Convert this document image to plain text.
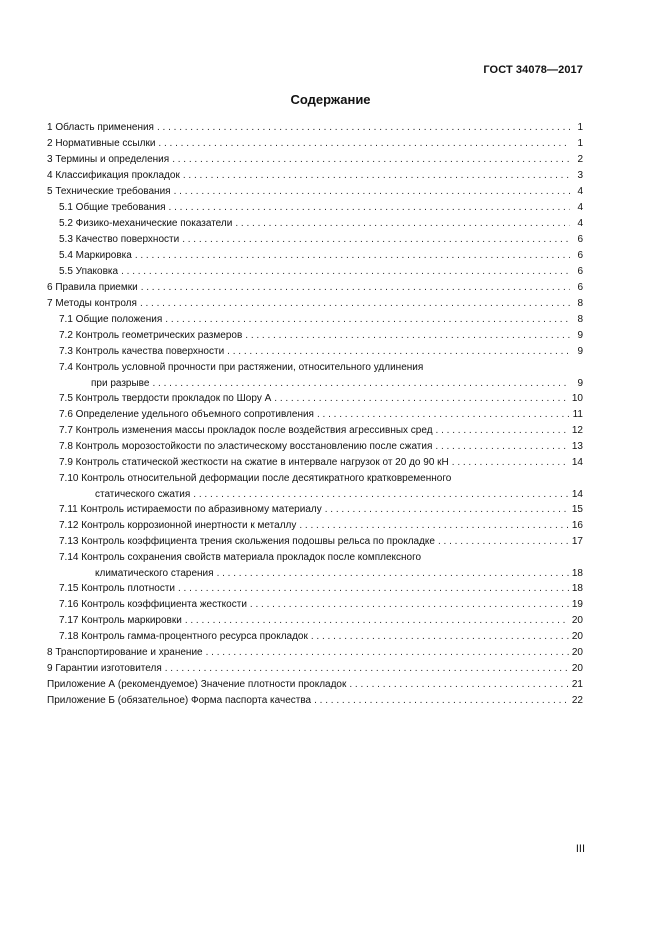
ГОСТ 34078—2017
Содержание
1 Область применения . . .	1
2 Нормативные ссылки . . .	1
3 Термины и определения . . .	2
4 Классификация прокладок . . .	3
5 Технические требования . . .	4
5.1 Общие требования . . .	4
5.2 Физико-механические показатели . . .	4
5.3 Качество поверхности . . .	6
5.4 Маркировка . . .	6
5.5 Упаковка . . .	6
6 Правила приемки . . .	6
7 Методы контроля . . .	8
7.1 Общие положения . . .	8
7.2 Контроль геометрических размеров . . .	9
7.3 Контроль качества поверхности . . .	9
7.4 Контроль условной прочности при растяжении, относительного удлинения
при разрыве . . .	9
7.5 Контроль твердости прокладок по Шору А . . .	10
7.6 Определение удельного объемного сопротивления . . .	11
7.7 Контроль изменения массы прокладок после воздействия агрессивных сред . . .	12
7.8 Контроль морозостойкости по эластическому восстановлению после сжатия . . .	13
7.9 Контроль статической жесткости на сжатие в интервале нагрузок от 20 до 90 кН . . .	14
7.10 Контроль относительной деформации после десятикратного кратковременного
статического сжатия . . .	14
7.11 Контроль истираемости по абразивному материалу . . .	15
7.12 Контроль коррозионной инертности к металлу . . .	16
7.13 Контроль коэффициента трения скольжения подошвы рельса по прокладке . . .	17
7.14 Контроль сохранения свойств материала прокладок после комплексного
климатического старения . . .	18
7.15 Контроль плотности . . .	18
7.16 Контроль коэффициента жесткости . . .	19
7.17 Контроль маркировки . . .	20
7.18 Контроль гамма-процентного ресурса прокладок . . .	20
8 Транспортирование и хранение . . .	20
9 Гарантии изготовителя . . .	20
Приложение А (рекомендуемое) Значение плотности прокладок . . .	21
Приложение Б (обязательное) Форма паспорта качества . . .	22
III
